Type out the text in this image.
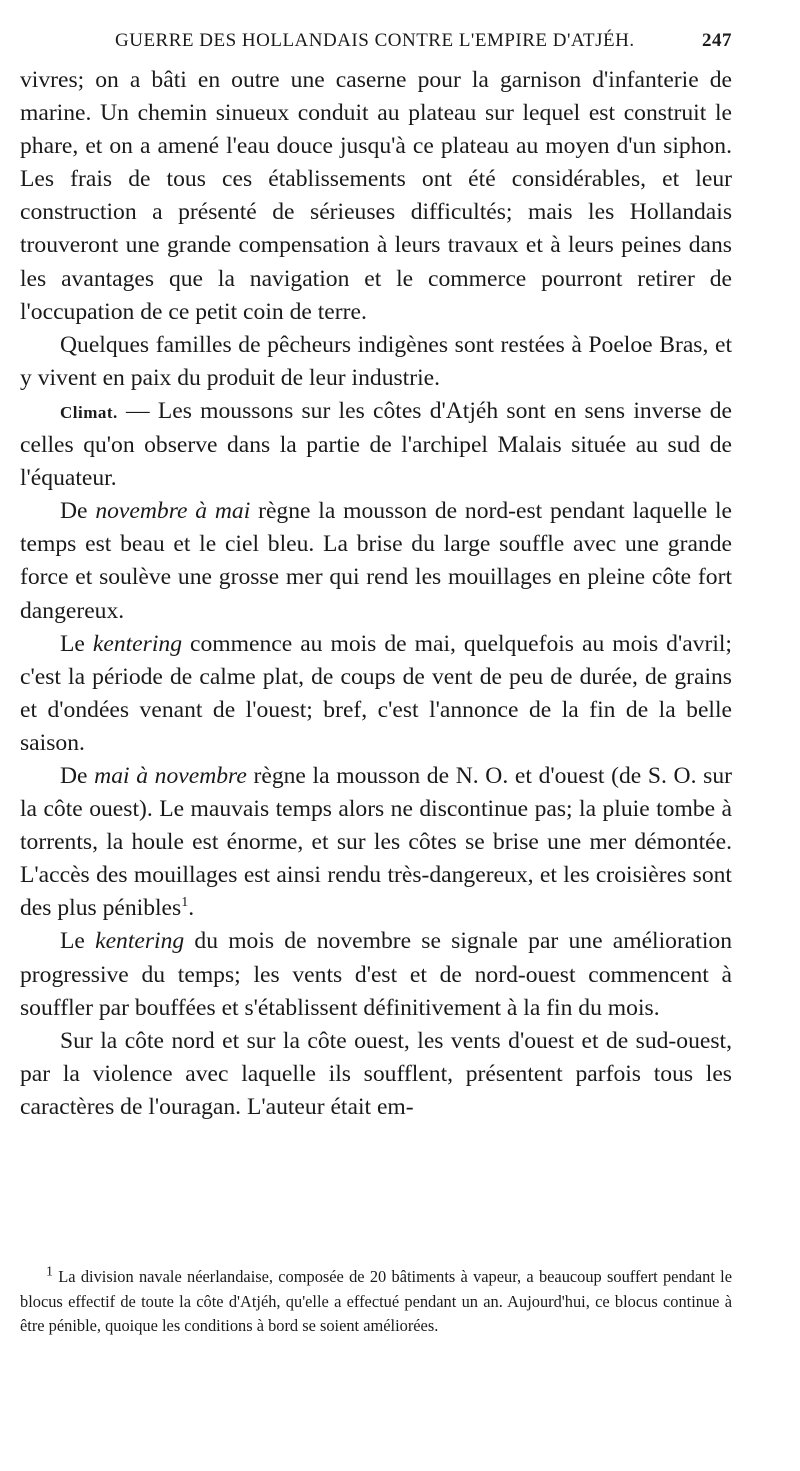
GUERRE DES HOLLANDAIS CONTRE L'EMPIRE D'ATJÉH.	247

vivres; on a bâti en outre une caserne pour la garnison d'infanterie de marine. Un chemin sinueux conduit au plateau sur lequel est construit le phare, et on a amené l'eau douce jusqu'à ce plateau au moyen d'un siphon. Les frais de tous ces établissements ont été considérables, et leur construction a présenté de sérieuses difficultés; mais les Hollandais trouveront une grande compensation à leurs travaux et à leurs peines dans les avantages que la navigation et le commerce pourront retirer de l'occupation de ce petit coin de terre.

Quelques familles de pêcheurs indigènes sont restées à Poeloe Bras, et y vivent en paix du produit de leur industrie.

Climat. — Les moussons sur les côtes d'Atjéh sont en sens inverse de celles qu'on observe dans la partie de l'archipel Malais située au sud de l'équateur.

De novembre à mai règne la mousson de nord-est pendant laquelle le temps est beau et le ciel bleu. La brise du large souffle avec une grande force et soulève une grosse mer qui rend les mouillages en pleine côte fort dangereux.

Le kentering commence au mois de mai, quelquefois au mois d'avril; c'est la période de calme plat, de coups de vent de peu de durée, de grains et d'ondées venant de l'ouest; bref, c'est l'annonce de la fin de la belle saison.

De mai à novembre règne la mousson de N. O. et d'ouest (de S. O. sur la côte ouest). Le mauvais temps alors ne discontinue pas; la pluie tombe à torrents, la houle est énorme, et sur les côtes se brise une mer démontée. L'accès des mouillages est ainsi rendu très-dangereux, et les croisières sont des plus pénibles$^1$.

Le kentering du mois de novembre se signale par une amélioration progressive du temps; les vents d'est et de nord-ouest commencent à souffler par bouffées et s'établissent définitivement à la fin du mois.

Sur la côte nord et sur la côte ouest, les vents d'ouest et de sud-ouest, par la violence avec laquelle ils soufflent, présentent parfois tous les caractères de l'ouragan. L'auteur était em-

$^1$ La division navale néerlandaise, composée de 20 bâtiments à vapeur, a beaucoup souffert pendant le blocus effectif de toute la côte d'Atjéh, qu'elle a effectué pendant un an. Aujourd'hui, ce blocus continue à être pénible, quoique les conditions à bord se soient améliorées.
